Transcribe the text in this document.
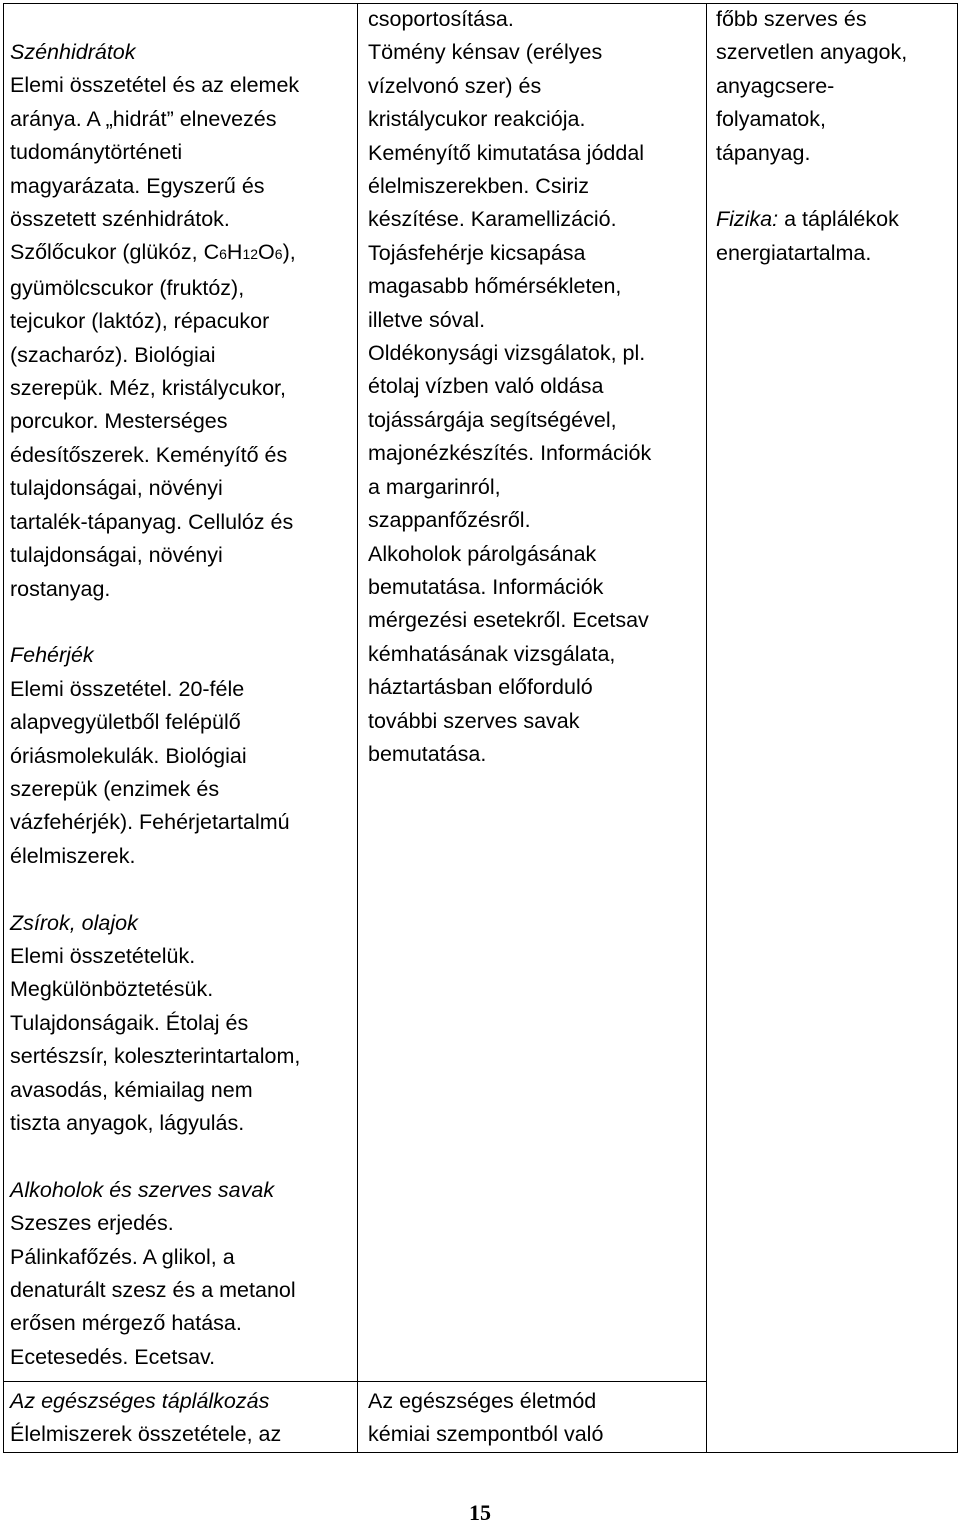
Szénhidrátok

Elemi összetétel és az elemek

aránya. A „hidrát” elnevezés

tudománytörténeti

magyarázata. Egyszerű és

összetett szénhidrátok.

Szőlőcukor (glükóz, C6H12O6),

gyümölcscukor (fruktóz),

tejcukor (laktóz), répacukor

(szacharóz). Biológiai

szerepük. Méz, kristálycukor,

porcukor. Mesterséges

édesítőszerek. Keményítő és

tulajdonságai, növényi

tartalék-tápanyag. Cellulóz és

tulajdonságai, növényi

rostanyag.

Fehérjék

Elemi összetétel. 20-féle

alapvegyületből felépülő

óriásmolekulák. Biológiai

szerepük (enzimek és

vázfehérjék). Fehérjetartalmú

élelmiszerek.

Zsírok, olajok

Elemi összetételük.

Megkülönböztetésük.

Tulajdonságaik. Étolaj és

sertészsír, koleszterintartalom,

avasodás, kémiailag nem

tiszta anyagok, lágyulás.

Alkoholok és szerves savak

Szeszes erjedés.

Pálinkafőzés. A glikol, a

denaturált szesz és a metanol

erősen mérgező hatása.

Ecetesedés. Ecetsav.

Az egészséges táplálkozás

Élelmiszerek összetétele, az

csoportosítása.

Tömény kénsav (erélyes

vízelvonó szer) és

kristálycukor reakciója.

Keményítő kimutatása jóddal

élelmiszerekben. Csiriz

készítése. Karamellizáció.

Tojásfehérje kicsapása

magasabb hőmérsékleten,

illetve sóval.

Oldékonysági vizsgálatok, pl.

étolaj vízben való oldása

tojássárgája segítségével,

majonézkészítés. Információk

a margarinról,

szappanfőzésről.

Alkoholok párolgásának

bemutatása. Információk

mérgezési esetekről. Ecetsav

kémhatásának vizsgálata,

háztartásban előforduló

további szerves savak

bemutatása.

Az egészséges életmód

kémiai szempontból való

főbb szerves és

szervetlen anyagok,

anyagcsere-

folyamatok,

tápanyag.

Fizika: a táplálékok

energiatartalma.

15
